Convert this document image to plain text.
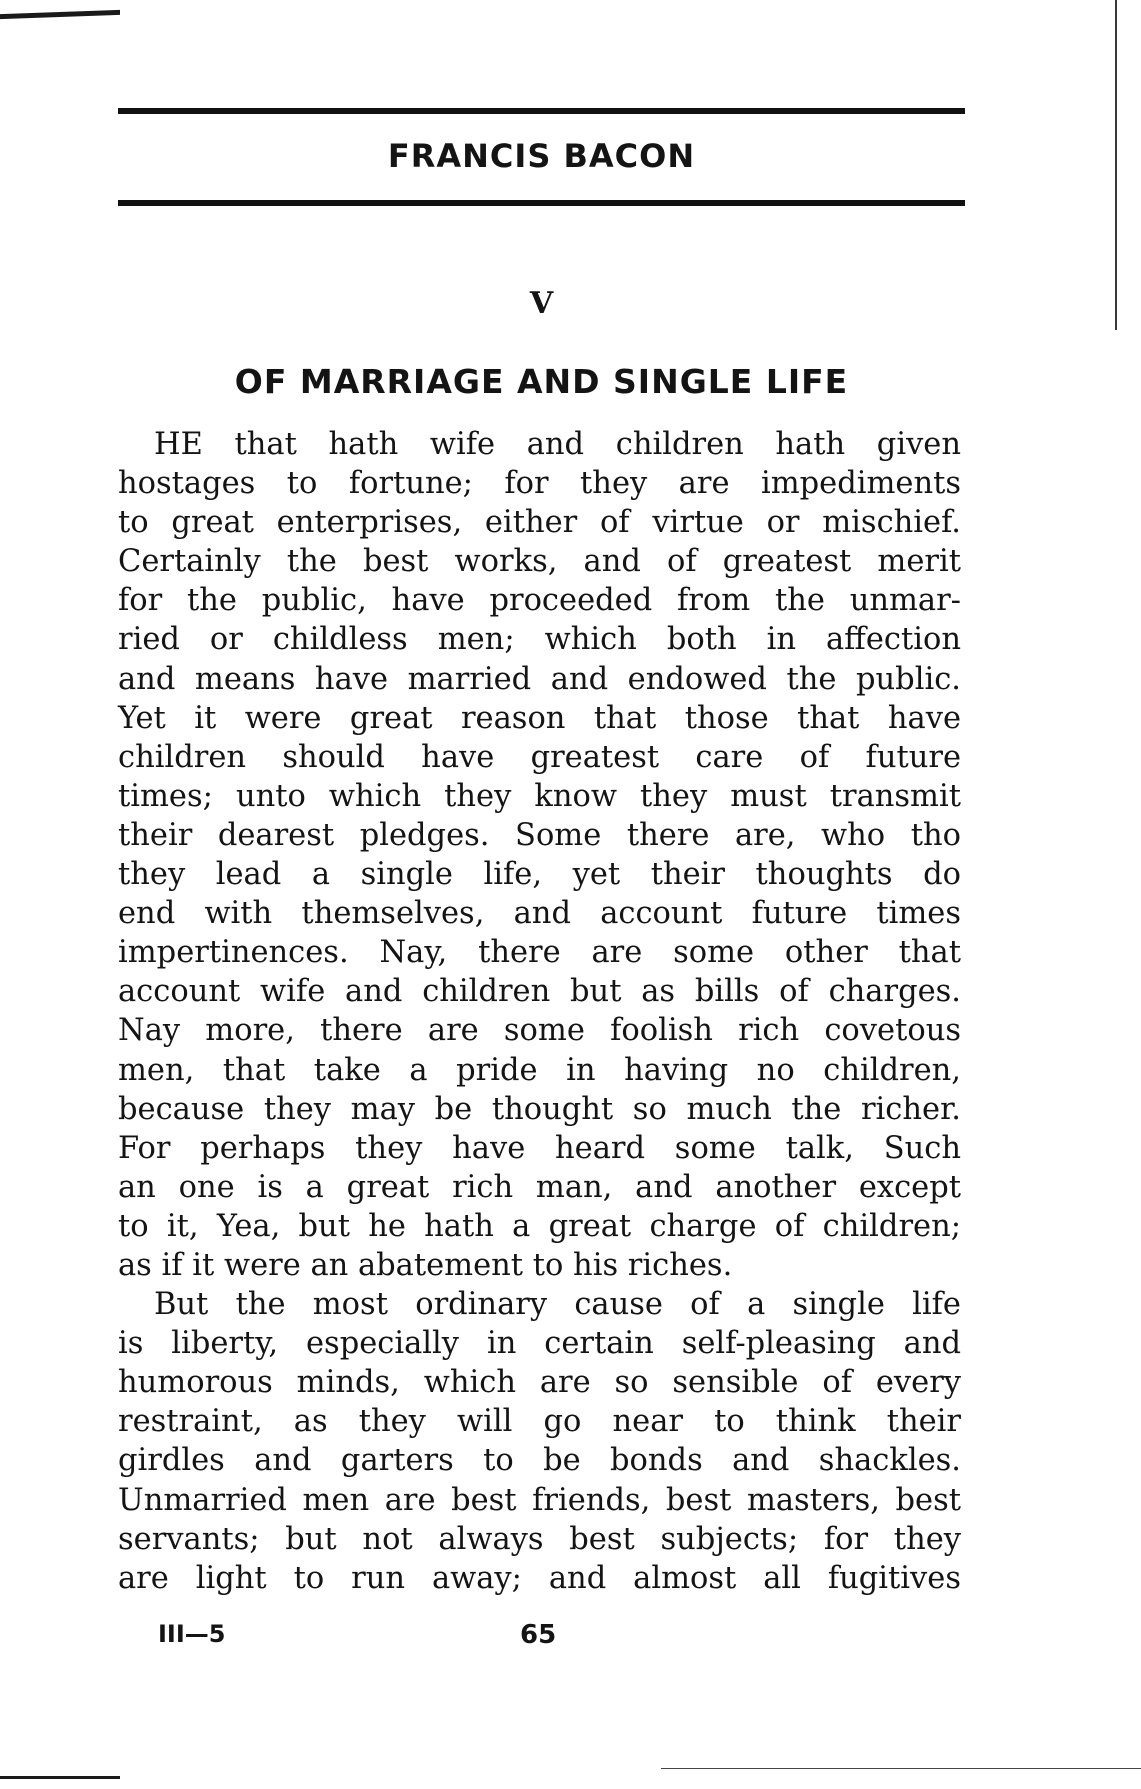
FRANCIS BACON
V
OF MARRIAGE AND SINGLE LIFE
HE that hath wife and children hath given
hostages to fortune; for they are impediments
to great enterprises, either of virtue or mischief.
Certainly the best works, and of greatest merit
for the public, have proceeded from the unmar-
ried or childless men; which both in affection
and means have married and endowed the public.
Yet it were great reason that those that have
children should have greatest care of future
times; unto which they know they must transmit
their dearest pledges. Some there are, who tho
they lead a single life, yet their thoughts do
end with themselves, and account future times
impertinences. Nay, there are some other that
account wife and children but as bills of charges.
Nay more, there are some foolish rich covetous
men, that take a pride in having no children,
because they may be thought so much the richer.
For perhaps they have heard some talk, Such
an one is a great rich man, and another except
to it, Yea, but he hath a great charge of children;
as if it were an abatement to his riches.
But the most ordinary cause of a single life
is liberty, especially in certain self-pleasing and
humorous minds, which are so sensible of every
restraint, as they will go near to think their
girdles and garters to be bonds and shackles.
Unmarried men are best friends, best masters, best
servants; but not always best subjects; for they
are light to run away; and almost all fugitives
III—5	65
